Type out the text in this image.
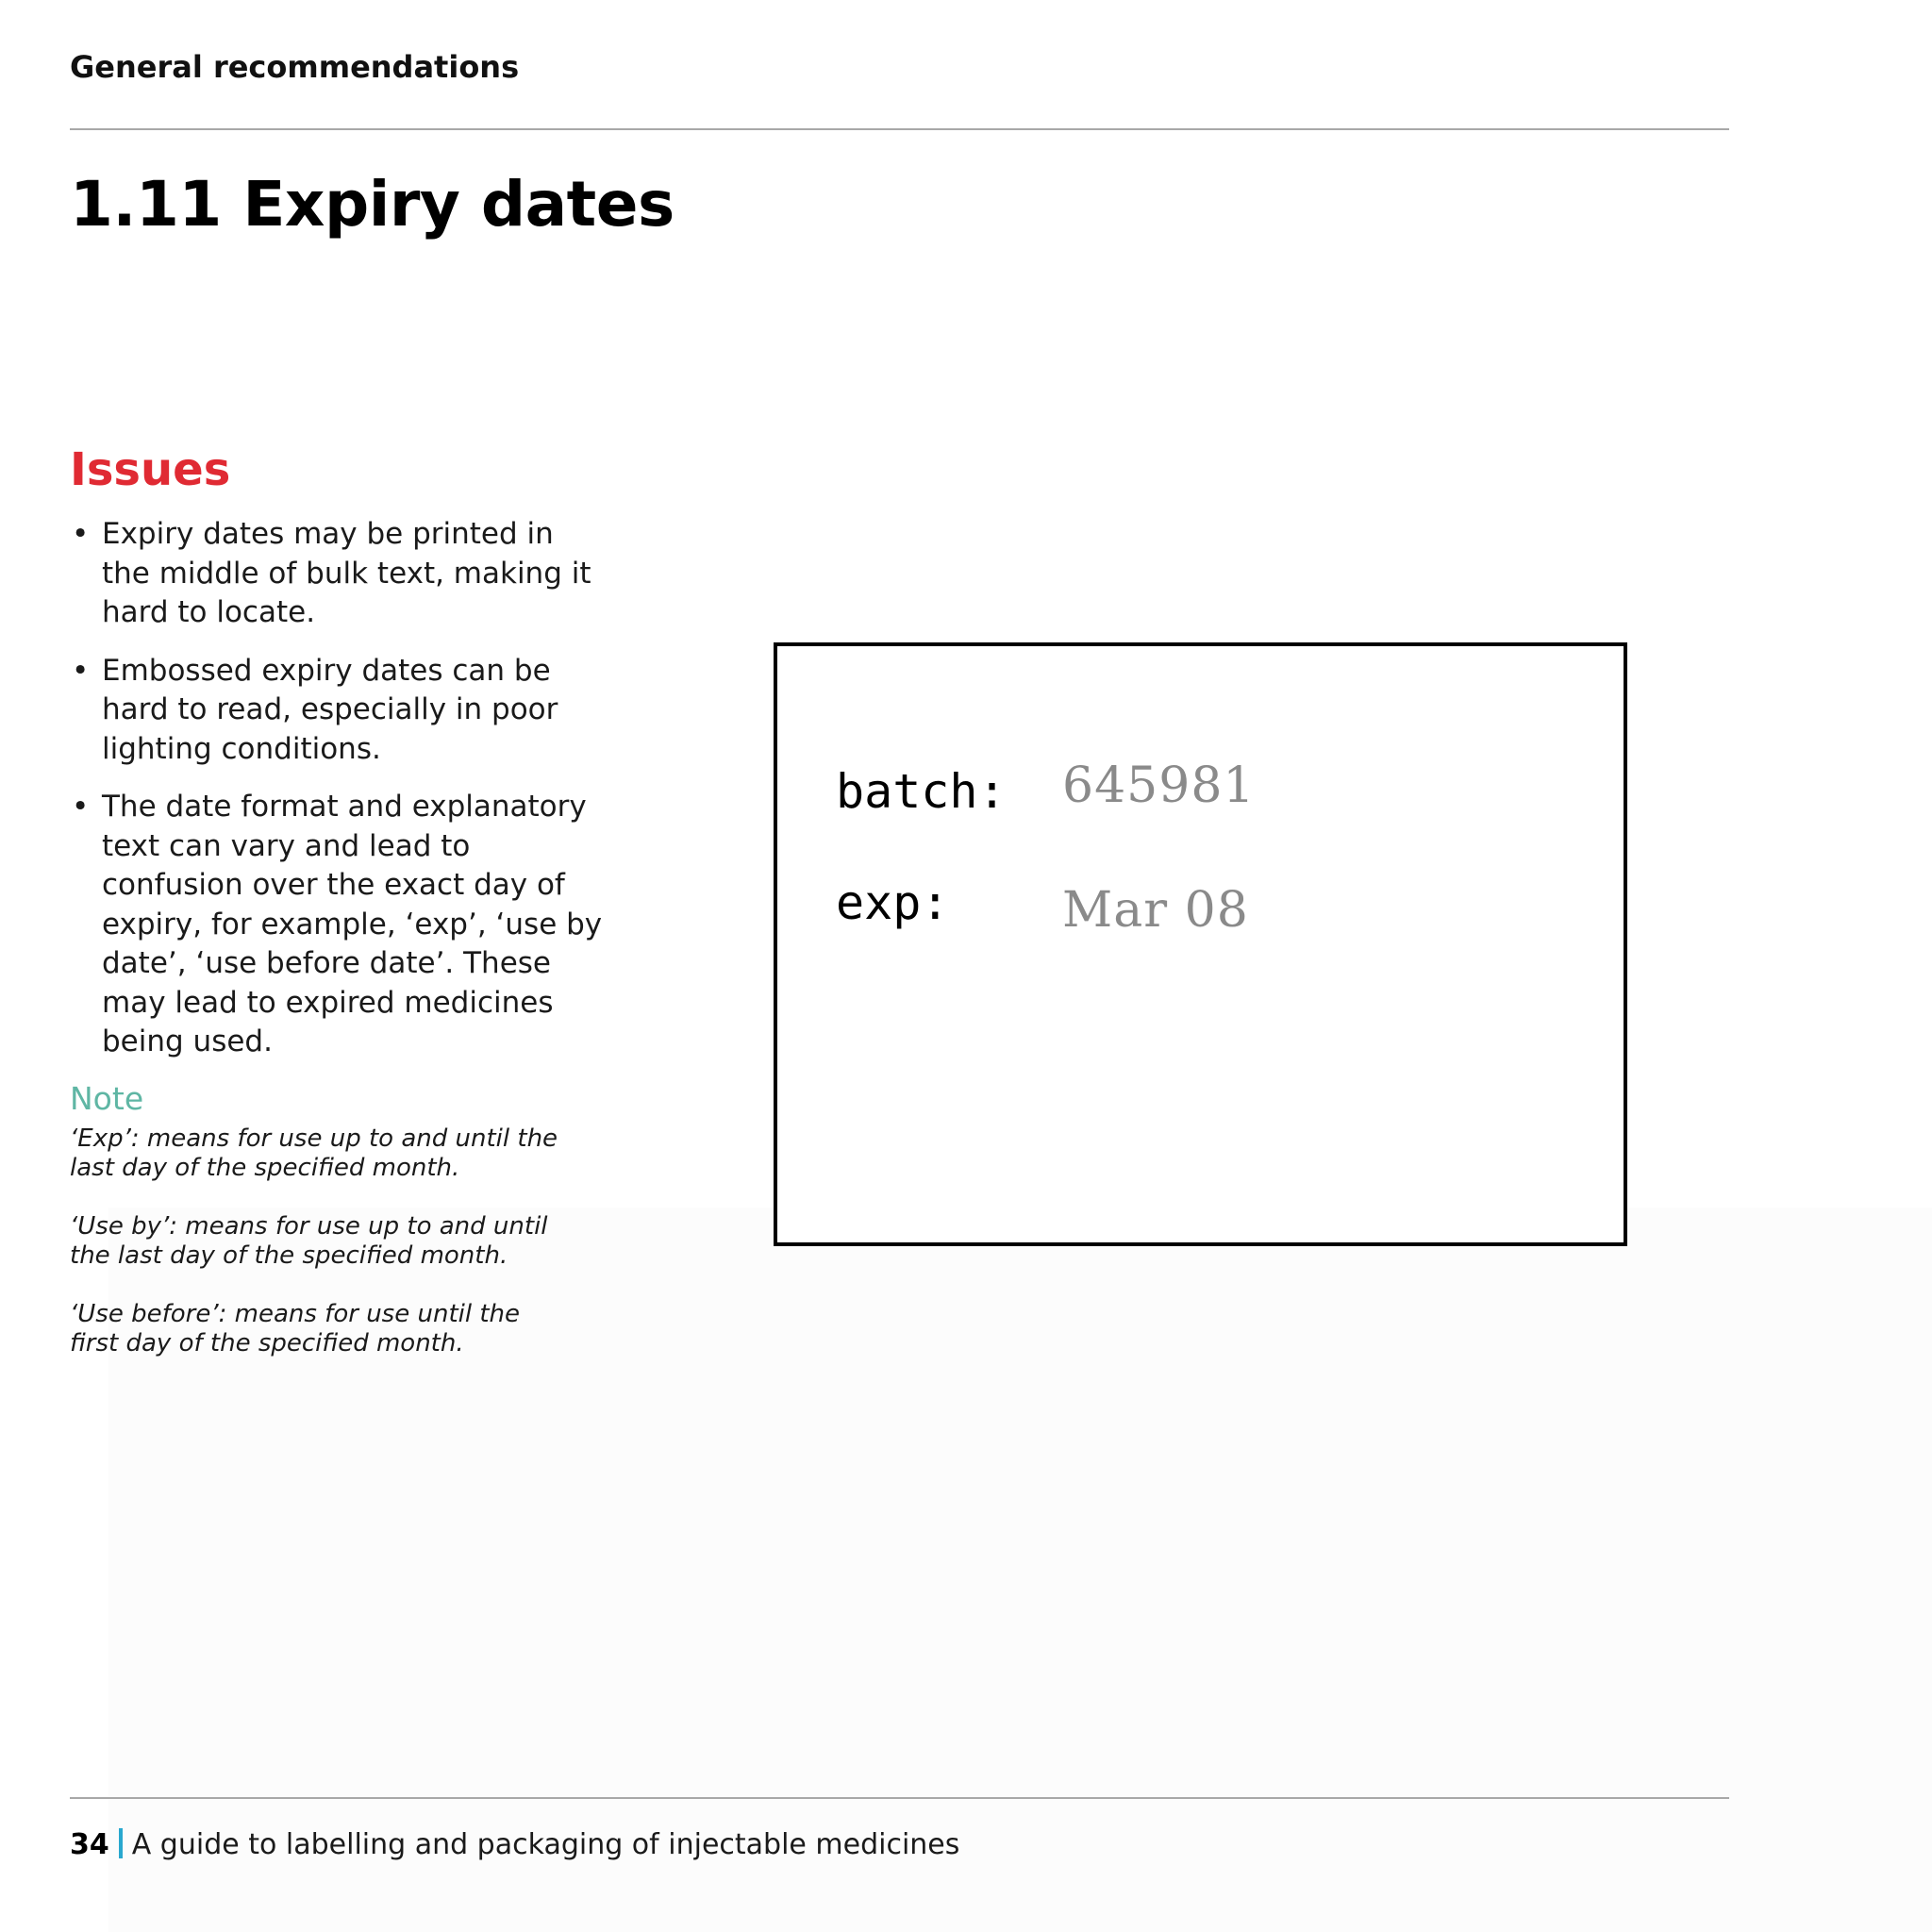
General recommendations
1.11 Expiry dates
Issues
• Expiry dates may be printed in the middle of bulk text, making it hard to locate.
• Embossed expiry dates can be hard to read, especially in poor lighting conditions.
• The date format and explanatory text can vary and lead to confusion over the exact day of expiry, for example, ‘exp’, ‘use by date’, ‘use before date’. These may lead to expired medicines being used.
Note
‘Exp’: means for use up to and until the last day of the specified month.
‘Use by’: means for use up to and until the last day of the specified month.
‘Use before’: means for use until the first day of the specified month.
batch: 645981
exp: Mar 08
34 A guide to labelling and packaging of injectable medicines
